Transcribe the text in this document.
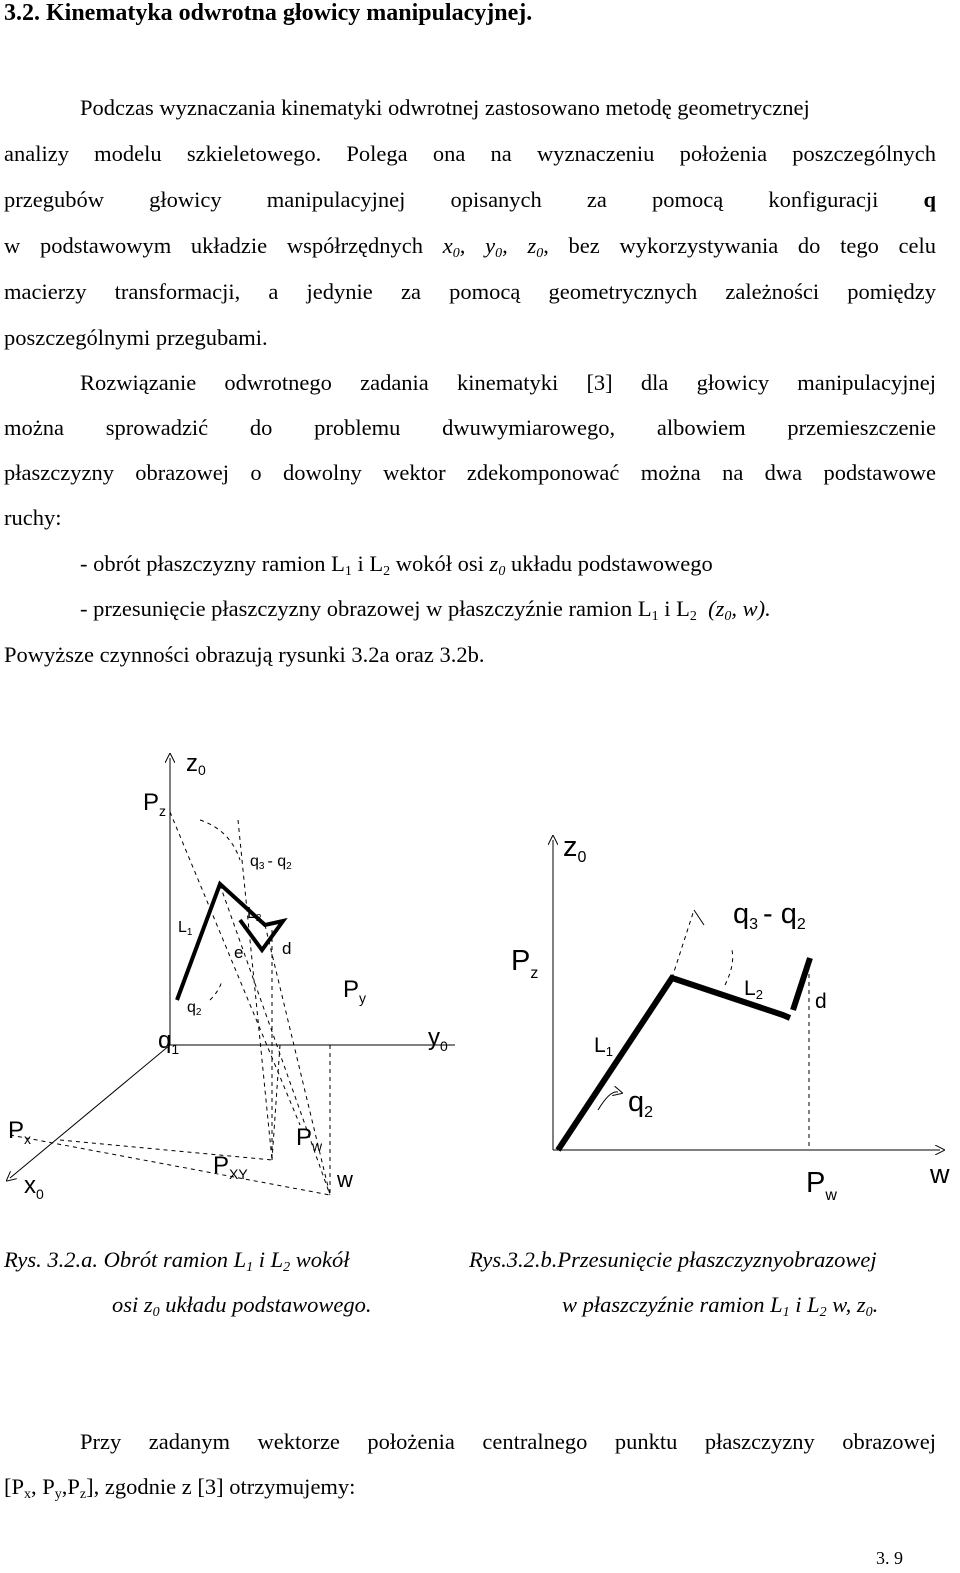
3.2. Kinematyka odwrotna głowicy manipulacyjnej.
Podczas wyznaczania kinematyki odwrotnej zastosowano metodę geometrycznej
analizy modelu szkieletowego. Polega ona na wyznaczeniu położenia poszczególnych
przegubów głowicy manipulacyjnej opisanych za pomocą konfiguracji q
w podstawowym układzie współrzędnych $x_0$, $y_0$, $z_0$, bez wykorzystywania do tego celu
macierzy transformacji, a jedynie za pomocą geometrycznych zależności pomiędzy
poszczególnymi przegubami.
Rozwiązanie odwrotnego zadania kinematyki [3] dla głowicy manipulacyjnej
można sprowadzić do problemu dwuwymiarowego, albowiem przemieszczenie
płaszczyzny obrazowej o dowolny wektor zdekomponować można na dwa podstawowe
ruchy:
- obrót płaszczyzny ramion $L_1$ i $L_2$ wokół osi $z_0$ układu podstawowego
- przesunięcie płaszczyzny obrazowej w płaszczyźnie ramion $L_1$ i $L_2$ ($z_0$, w).
Powyższe czynności obrazują rysunki 3.2a oraz 3.2b.
z0
$P_z$
q3 - q2
L1
L2
e d
$P_y$
q2
$q_1$	$y_0$
$P_x$	$P_w$
$P_{XY}$
$x_0$
w
$z_0$
$q_3 - q_2$
$P_z$
L2 d
L1
$q_2$
$P_w$
w
Rys. 3.2.a. Obrót ramion $L_1$ i $L_2$ wokół
osi $z_0$ układu podstawowego.
Rys.3.2.b.Przesunięcie płaszczyznyobrazowej
w płaszczyźnie ramion $L_1$ i $L_2$ w, $z_0$.
Przy zadanym wektorze położenia centralnego punktu płaszczyzny obrazowej
[$P_x$, $P_y,P_z$], zgodnie z [3] otrzymujemy:
3. 9
